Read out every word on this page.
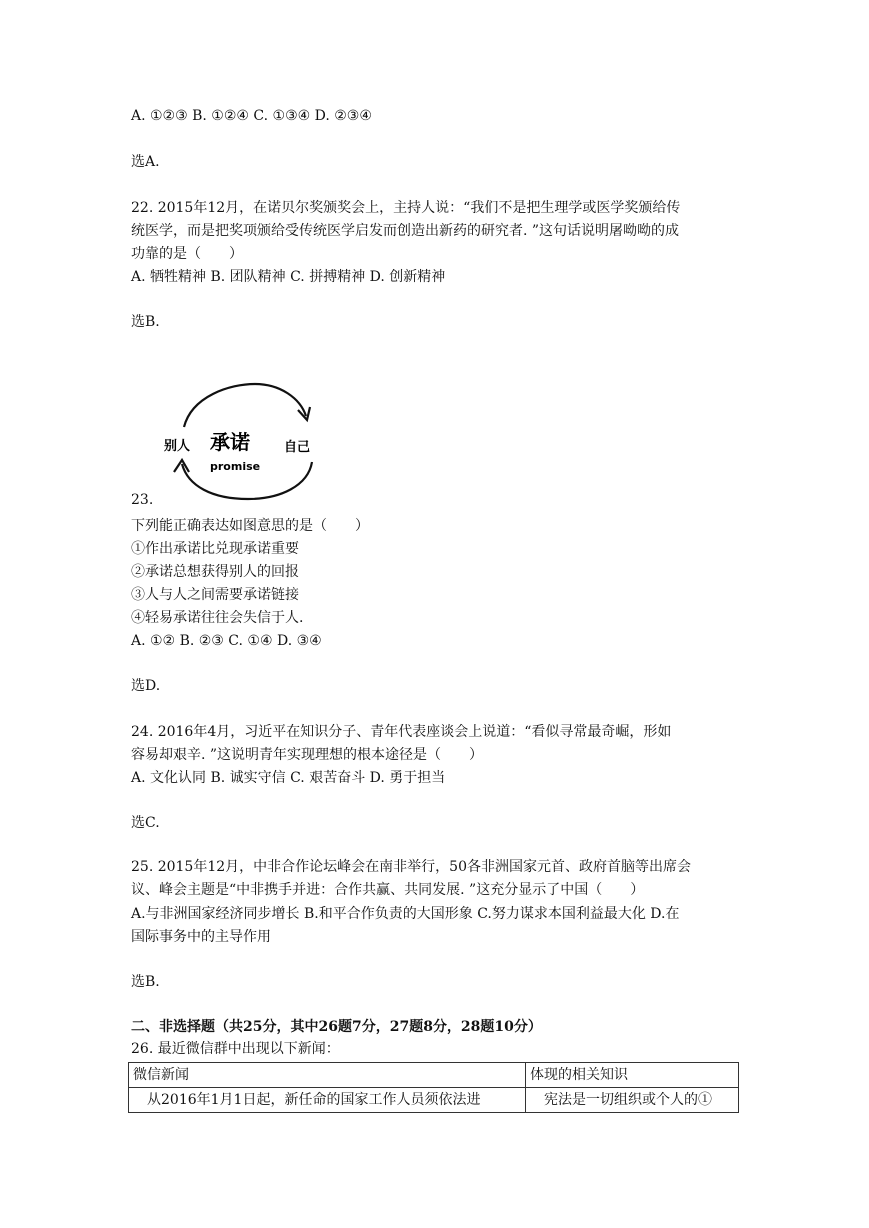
A. ①②③ B. ①②④ C. ①③④ D. ②③④
选A.
22. 2015年12月，在诺贝尔奖颁奖会上，主持人说：“我们不是把生理学或医学奖颁给传
统医学，而是把奖项颁给受传统医学启发而创造出新药的研究者. ”这句话说明屠呦呦的成
功靠的是（　　）
A. 牺牲精神 B. 团队精神 C. 拼搏精神 D. 创新精神
选B.
别人 承诺
promise
自己
23.
下列能正确表达如图意思的是（　　）
①作出承诺比兑现承诺重要
②承诺总想获得别人的回报
③人与人之间需要承诺链接
④轻易承诺往往会失信于人.
A. ①② B. ②③ C. ①④ D. ③④
选D.
24. 2016年4月，习近平在知识分子、青年代表座谈会上说道：“看似寻常最奇崛，形如
容易却艰辛. ”这说明青年实现理想的根本途径是（　　）
A. 文化认同 B. 诚实守信 C. 艰苦奋斗 D. 勇于担当
选C.
25. 2015年12月，中非合作论坛峰会在南非举行，50各非洲国家元首、政府首脑等出席会
议、峰会主题是“中非携手并进：合作共赢、共同发展. ”这充分显示了中国（　　）
A.与非洲国家经济同步增长 B.和平合作负责的大国形象 C.努力谋求本国利益最大化 D.在
国际事务中的主导作用
选B.
二、非选择题（共25分，其中26题7分，27题8分，28题10分）
26. 最近微信群中出现以下新闻：
微信新闻	体现的相关知识
　从2016年1月1日起，新任命的国家工作人员须依法进	　宪法是一切组织或个人的①
